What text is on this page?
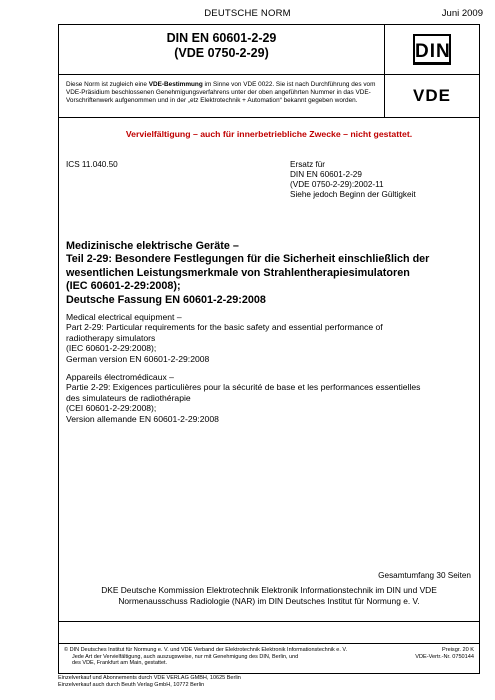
DEUTSCHE NORM	Juni 2009
DIN EN 60601-2-29
(VDE 0750-2-29)	DIN
Diese Norm ist zugleich eine VDE-Bestimmung im Sinne von VDE 0022. Sie ist nach Durchführung des vom VDE-Präsidium beschlossenen Genehmigungsverfahrens unter der oben angeführten Nummer in das VDE-Vorschriftenwerk aufgenommen und in der „etz Elektrotechnik + Automation“ bekannt gegeben worden.	VDE
Vervielfältigung – auch für innerbetriebliche Zwecke – nicht gestattet.
ICS 11.040.50	Ersatz für
DIN EN 60601-2-29
(VDE 0750-2-29):2002-11
Siehe jedoch Beginn der Gültigkeit
Medizinische elektrische Geräte –
Teil 2-29: Besondere Festlegungen für die Sicherheit einschließlich der
wesentlichen Leistungsmerkmale von Strahlentherapiesimulatoren
(IEC 60601-2-29:2008);
Deutsche Fassung EN 60601-2-29:2008
Medical electrical equipment –
Part 2-29: Particular requirements for the basic safety and essential performance of
radiotherapy simulators
(IEC 60601-2-29:2008);
German version EN 60601-2-29:2008
Appareils électromédicaux –
Partie 2-29: Exigences particulières pour la sécurité de base et les performances essentielles
des simulateurs de radiothérapie
(CEI 60601-2-29:2008);
Version allemande EN 60601-2-29:2008
Gesamtumfang 30 Seiten
DKE Deutsche Kommission Elektrotechnik Elektronik Informationstechnik im DIN und VDE
Normenausschuss Radiologie (NAR) im DIN Deutsches Institut für Normung e. V.
© DIN Deutsches Institut für Normung e. V. und VDE Verband der Elektrotechnik Elektronik Informationstechnik e. V.
Jede Art der Vervielfältigung, auch auszugsweise, nur mit Genehmigung des DIN, Berlin, und
des VDE, Frankfurt am Main, gestattet.
Preisgr. 20 K
VDE-Vertr.-Nr. 0750144
Einzelverkauf und Abonnements durch VDE VERLAG GMBH, 10625 Berlin
Einzelverkauf auch durch Beuth Verlag GmbH, 10772 Berlin
